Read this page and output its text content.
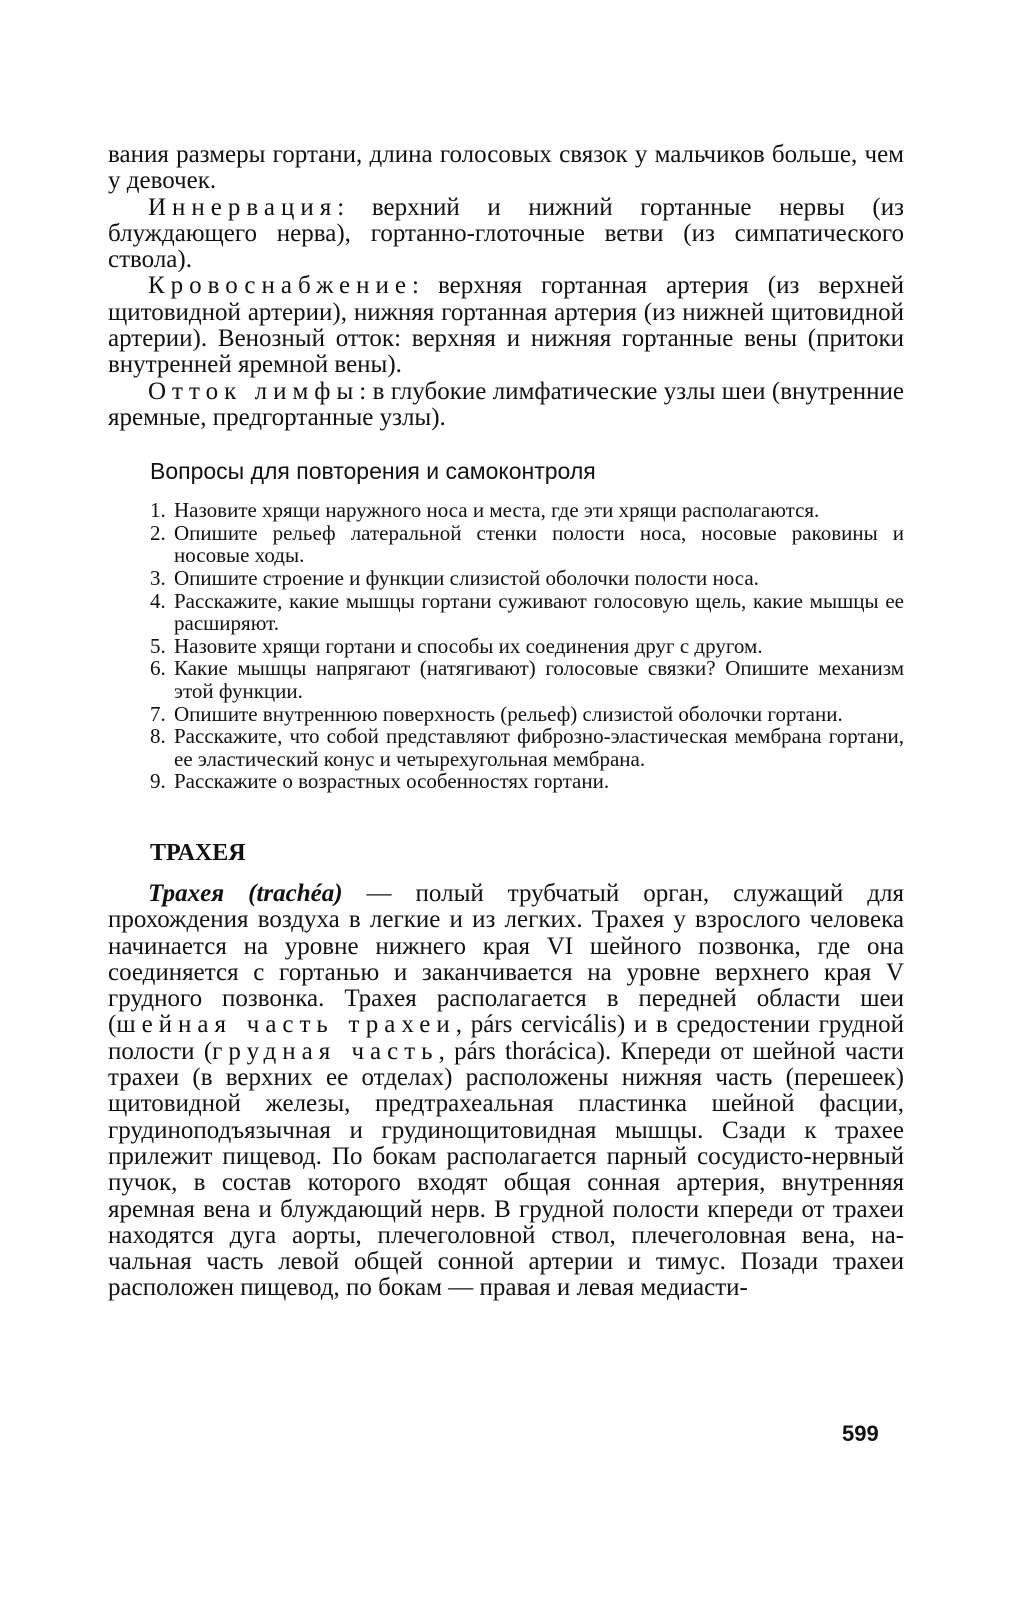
вания размеры гортани, длина голосовых связок у мальчиков больше, чем у девочек.

Иннервация: верхний и нижний гортанные нервы (из блуждающего нерва), гортанно-глоточные ветви (из симпатического ствола).

Кровоснабжение: верхняя гортанная артерия (из верхней щитовидной артерии), нижняя гортанная артерия (из нижней щитовидной артерии). Венозный отток: верхняя и нижняя гортанные вены (притоки внутренней яремной вены).

Отток лимфы: в глубокие лимфатические узлы шеи (внутренние яремные, предгортанные узлы).

Вопросы для повторения и самоконтроля
1. Назовите хрящи наружного носа и места, где эти хрящи располагаются.
2. Опишите рельеф латеральной стенки полости носа, носовые раковины и носовые ходы.
3. Опишите строение и функции слизистой оболочки полости носа.
4. Расскажите, какие мышцы гортани суживают голосовую щель, какие мышцы ее расширяют.
5. Назовите хрящи гортани и способы их соединения друг с другом.
6. Какие мышцы напрягают (натягивают) голосовые связки? Опишите механизм этой функции.
7. Опишите внутреннюю поверхность (рельеф) слизистой оболочки гортани.
8. Расскажите, что собой представляют фиброзно-эластическая мембрана гортани, ее эластический конус и четырехугольная мембрана.
9. Расскажите о возрастных особенностях гортани.
ТРАХЕЯ

Трахея (trachéa) — полый трубчатый орган, служащий для прохождения воздуха в легкие и из легких. Трахея у взрослого человека начинается на уровне нижнего края VI шейного позвонка, где она соединяется с гортанью и заканчивается на уровне верхнего края V грудного позвонка. Трахея располагается в передней области шеи (шейная часть трахеи, párs cervicális) и в средостении грудной полости (грудная часть, párs thorácica). Кпереди от шейной части трахеи (в верхних ее отделах) расположены нижняя часть (перешеек) щитовидной железы, предтрахеальная пластинка шейной фасции, грудиноподъязычная и грудинощитовидная мышцы. Сзади к трахее прилежит пищевод. По бокам располагается парный сосудисто-нервный пучок, в состав которого входят общая сонная артерия, внутренняя яремная вена и блуждающий нерв. В грудной полости кпереди от трахеи находятся дуга аорты, плечеголовной ствол, плечеголовная вена, начальная часть левой общей сонной артерии и тимус. Позади трахеи расположен пищевод, по бокам — правая и левая медиасти-

599
